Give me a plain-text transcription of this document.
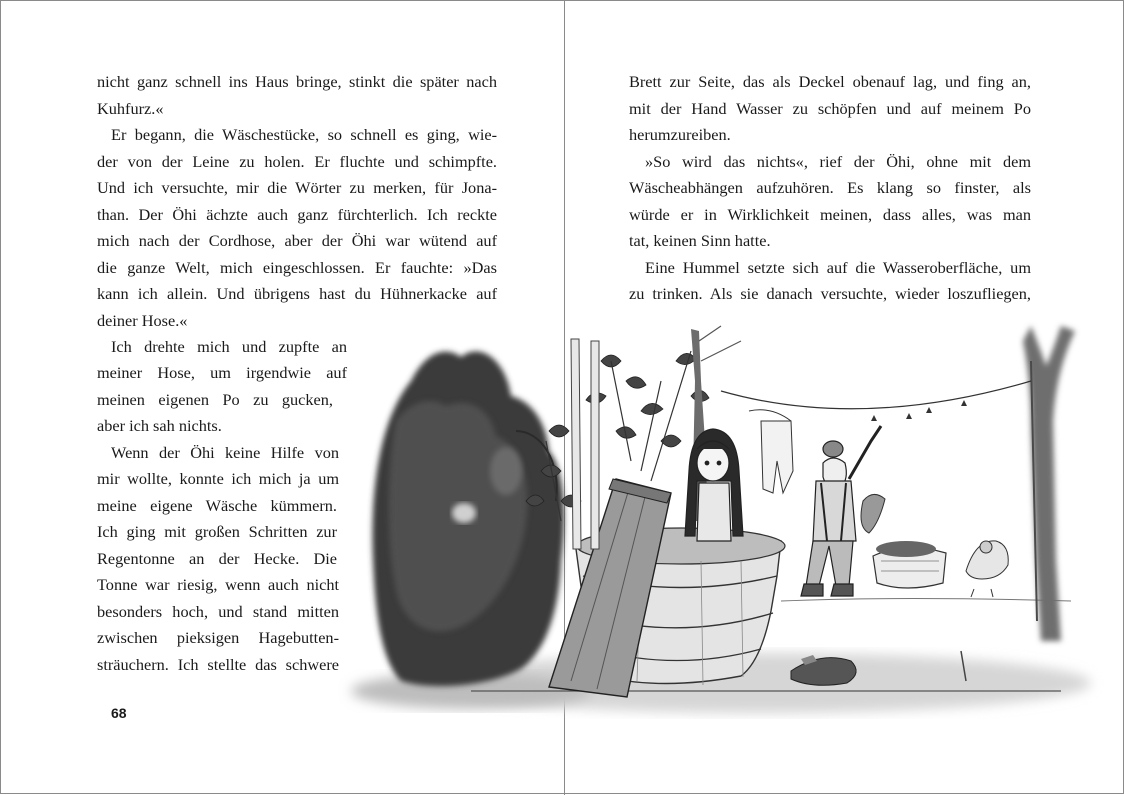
nicht ganz schnell ins Haus bringe, stinkt die später nach
Kuhfurz.«
Er begann, die Wäschestücke, so schnell es ging, wie-
der von der Leine zu holen. Er fluchte und schimpfte.
Und ich versuchte, mir die Wörter zu merken, für Jona-
than. Der Öhi ächzte auch ganz fürchterlich. Ich reckte
mich nach der Cordhose, aber der Öhi war wütend auf
die ganze Welt, mich eingeschlossen. Er fauchte: »Das
kann ich allein. Und übrigens hast du Hühnerkacke auf
deiner Hose.«
Ich drehte mich und zupfte an
meiner Hose, um irgendwie auf
meinen eigenen Po zu gucken,
aber ich sah nichts.
Wenn der Öhi keine Hilfe von
mir wollte, konnte ich mich ja um
meine eigene Wäsche kümmern.
Ich ging mit großen Schritten zur
Regentonne an der Hecke. Die
Tonne war riesig, wenn auch nicht
besonders hoch, und stand mitten
zwischen pieksigen Hagebutten-
sträuchern. Ich stellte das schwere
68
Brett zur Seite, das als Deckel obenauf lag, und fing an,
mit der Hand Wasser zu schöpfen und auf meinem Po
herumzureiben.
»So wird das nichts«, rief der Öhi, ohne mit dem
Wäscheabhängen aufzuhören. Es klang so finster, als
würde er in Wirklichkeit meinen, dass alles, was man
tat, keinen Sinn hatte.
Eine Hummel setzte sich auf die Wasseroberfläche, um
zu trinken. Als sie danach versuchte, wieder loszufliegen,
